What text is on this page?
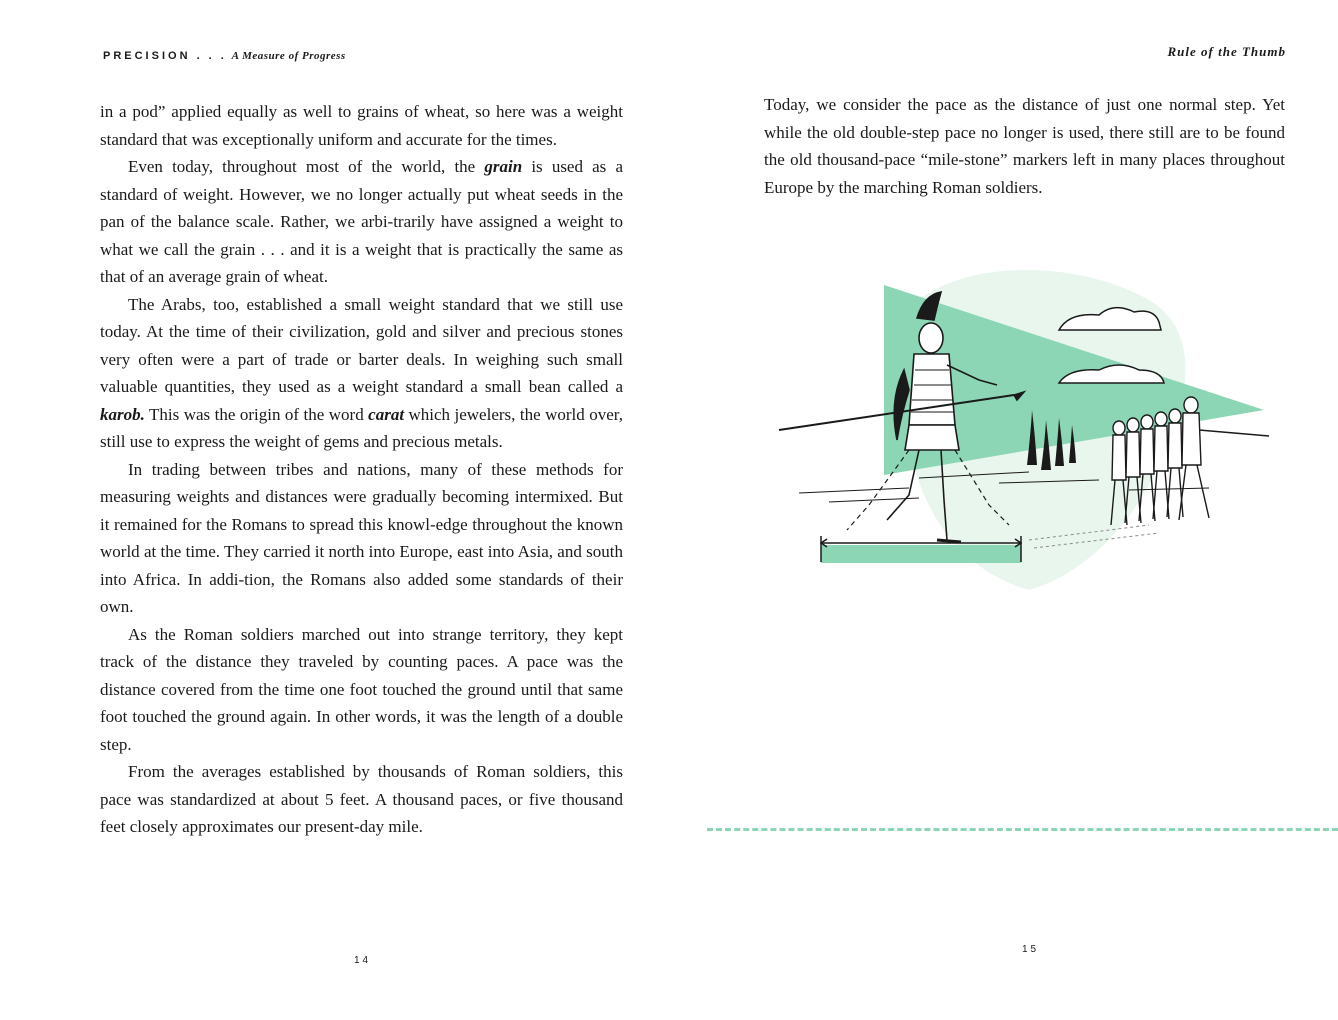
PRECISION . . . A Measure of Progress

in a pod” applied equally as well to grains of wheat, so here was a weight standard that was exceptionally uniform and accurate for the times.

Even today, throughout most of the world, the grain is used as a standard of weight. However, we no longer actually put wheat seeds in the pan of the balance scale. Rather, we arbi-trarily have assigned a weight to what we call the grain . . . and it is a weight that is practically the same as that of an average grain of wheat.

The Arabs, too, established a small weight standard that we still use today. At the time of their civilization, gold and silver and precious stones very often were a part of trade or barter deals. In weighing such small valuable quantities, they used as a weight standard a small bean called a karob. This was the origin of the word carat which jewelers, the world over, still use to express the weight of gems and precious metals.

In trading between tribes and nations, many of these methods for measuring weights and distances were gradually becoming intermixed. But it remained for the Romans to spread this knowl-edge throughout the known world at the time. They carried it north into Europe, east into Asia, and south into Africa. In addi-tion, the Romans also added some standards of their own.

As the Roman soldiers marched out into strange territory, they kept track of the distance they traveled by counting paces. A pace was the distance covered from the time one foot touched the ground until that same foot touched the ground again. In other words, it was the length of a double step.

From the averages established by thousands of Roman soldiers, this pace was standardized at about 5 feet. A thousand paces, or five thousand feet closely approximates our present-day mile.

14
Rule of the Thumb

Today, we consider the pace as the distance of just one normal step. Yet while the old double-step pace no longer is used, there still are to be found the old thousand-pace “mile-stone” markers left in many places throughout Europe by the marching Roman soldiers.

15
